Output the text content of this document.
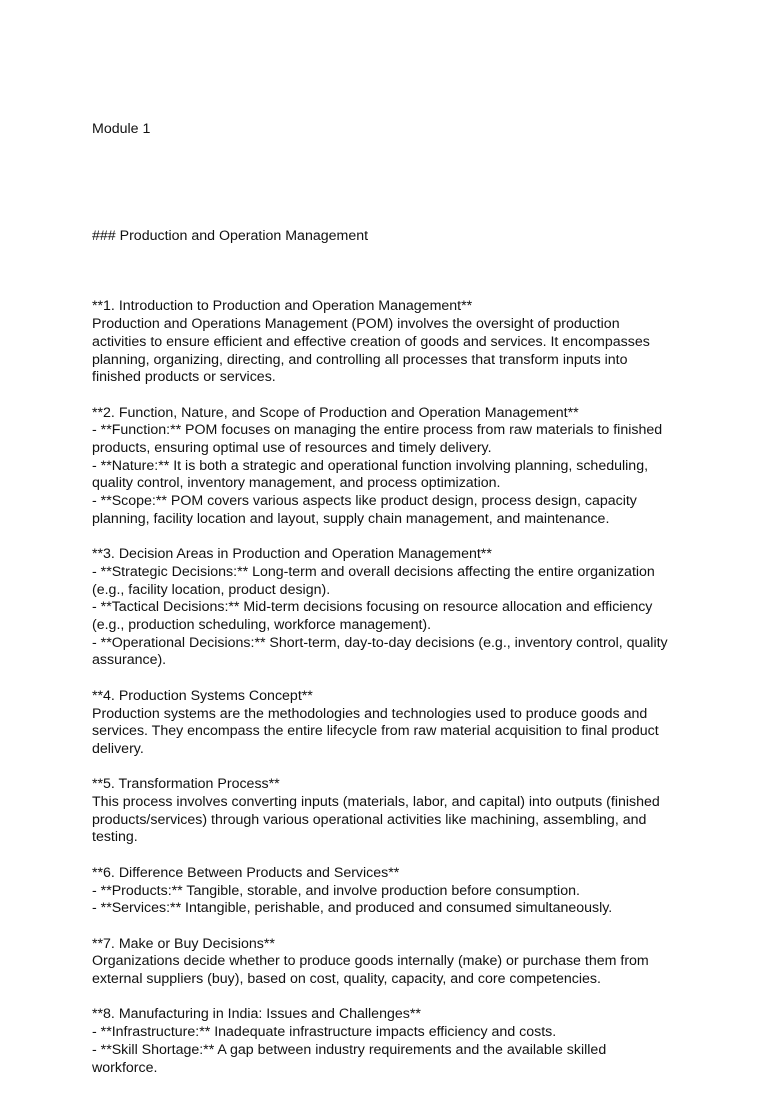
Module 1

### Production and Operation Management

**1. Introduction to Production and Operation Management**
Production and Operations Management (POM) involves the oversight of production
activities to ensure efficient and effective creation of goods and services. It encompasses
planning, organizing, directing, and controlling all processes that transform inputs into
finished products or services.
**2. Function, Nature, and Scope of Production and Operation Management**
- **Function:** POM focuses on managing the entire process from raw materials to finished
products, ensuring optimal use of resources and timely delivery.
- **Nature:** It is both a strategic and operational function involving planning, scheduling,
quality control, inventory management, and process optimization.
- **Scope:** POM covers various aspects like product design, process design, capacity
planning, facility location and layout, supply chain management, and maintenance.
**3. Decision Areas in Production and Operation Management**
- **Strategic Decisions:** Long-term and overall decisions affecting the entire organization
(e.g., facility location, product design).
- **Tactical Decisions:** Mid-term decisions focusing on resource allocation and efficiency
(e.g., production scheduling, workforce management).
- **Operational Decisions:** Short-term, day-to-day decisions (e.g., inventory control, quality
assurance).
**4. Production Systems Concept**
Production systems are the methodologies and technologies used to produce goods and
services. They encompass the entire lifecycle from raw material acquisition to final product
delivery.
**5. Transformation Process**
This process involves converting inputs (materials, labor, and capital) into outputs (finished
products/services) through various operational activities like machining, assembling, and
testing.
**6. Difference Between Products and Services**
- **Products:** Tangible, storable, and involve production before consumption.
- **Services:** Intangible, perishable, and produced and consumed simultaneously.
**7. Make or Buy Decisions**
Organizations decide whether to produce goods internally (make) or purchase them from
external suppliers (buy), based on cost, quality, capacity, and core competencies.
**8. Manufacturing in India: Issues and Challenges**
- **Infrastructure:** Inadequate infrastructure impacts efficiency and costs.
- **Skill Shortage:** A gap between industry requirements and the available skilled
workforce.
